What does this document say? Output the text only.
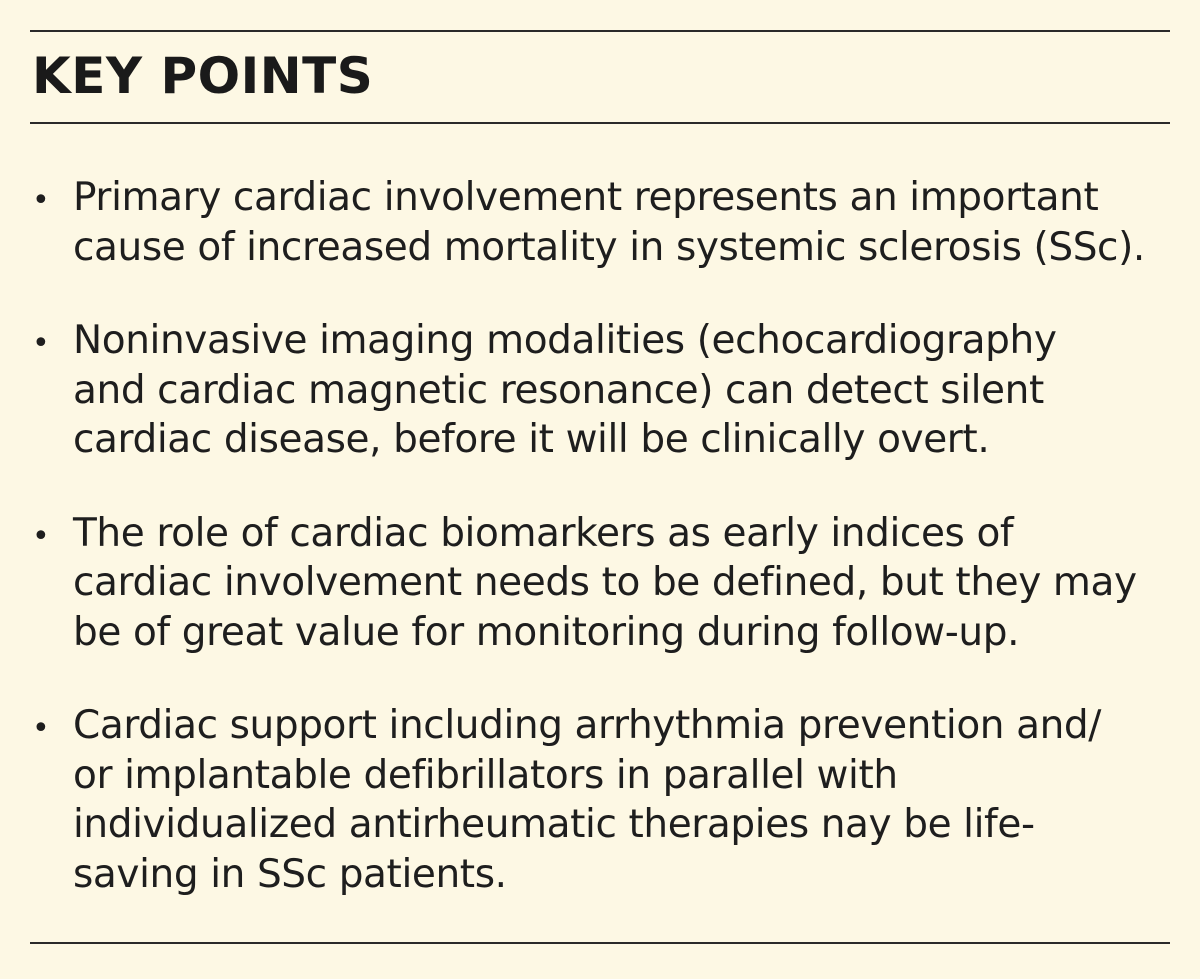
KEY POINTS
• Primary cardiac involvement represents an important
cause of increased mortality in systemic sclerosis (SSc).
• Noninvasive imaging modalities (echocardiography
and cardiac magnetic resonance) can detect silent
cardiac disease, before it will be clinically overt.
• The role of cardiac biomarkers as early indices of
cardiac involvement needs to be defined, but they may
be of great value for monitoring during follow-up.
• Cardiac support including arrhythmia prevention and/
or implantable defibrillators in parallel with
individualized antirheumatic therapies nay be life-
saving in SSc patients.
